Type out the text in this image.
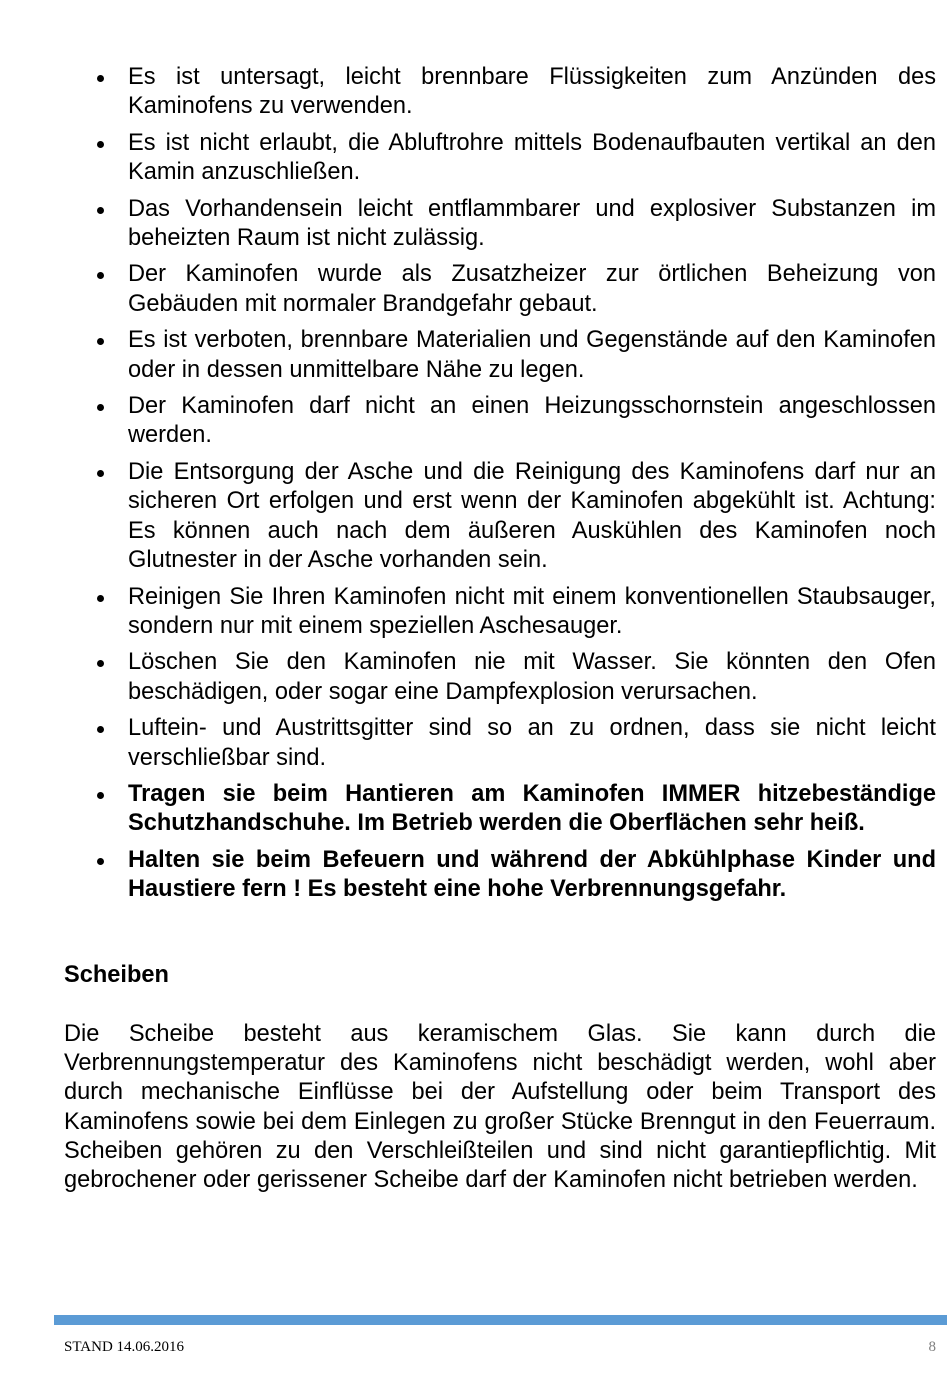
Es ist untersagt, leicht brennbare Flüssigkeiten zum Anzünden des Kaminofens zu verwenden.
Es ist nicht erlaubt, die Abluftrohre mittels Bodenaufbauten vertikal an den Kamin anzuschließen.
Das Vorhandensein leicht entflammbarer und explosiver Substanzen im beheizten Raum ist nicht zulässig.
Der Kaminofen wurde als Zusatzheizer zur örtlichen Beheizung von Gebäuden mit normaler Brandgefahr gebaut.
Es ist verboten, brennbare Materialien und Gegenstände auf den Kaminofen oder in dessen unmittelbare Nähe zu legen.
Der Kaminofen darf nicht an einen Heizungsschornstein angeschlossen werden.
Die Entsorgung der Asche und die Reinigung des Kaminofens darf nur an sicheren Ort erfolgen und erst wenn der Kaminofen abgekühlt ist. Achtung: Es können auch nach dem äußeren Auskühlen des Kaminofen noch Glutnester in der Asche vorhanden sein.
Reinigen Sie Ihren Kaminofen nicht mit einem konventionellen Staubsauger, sondern nur mit einem speziellen Aschesauger.
Löschen Sie den Kaminofen nie mit Wasser. Sie könnten den Ofen beschädigen, oder sogar eine Dampfexplosion verursachen.
Luftein- und Austrittsgitter sind so an zu ordnen, dass sie nicht leicht verschließbar sind.
Tragen sie beim Hantieren am Kaminofen IMMER hitzebeständige Schutzhandschuhe. Im Betrieb werden die Oberflächen sehr heiß.
Halten sie beim Befeuern und während der Abkühlphase Kinder und Haustiere fern ! Es besteht eine hohe Verbrennungsgefahr.
Scheiben

Die Scheibe besteht aus keramischem Glas. Sie kann durch die Verbrennungstemperatur des Kaminofens nicht beschädigt werden, wohl aber durch mechanische Einflüsse bei der Aufstellung oder beim Transport des Kaminofens sowie bei dem Einlegen zu großer Stücke Brenngut in den Feuerraum. Scheiben gehören zu den Verschleißteilen und sind nicht garantiepflichtig. Mit gebrochener oder gerissener Scheibe darf der Kaminofen nicht betrieben werden.

STAND 14.06.2016	8
